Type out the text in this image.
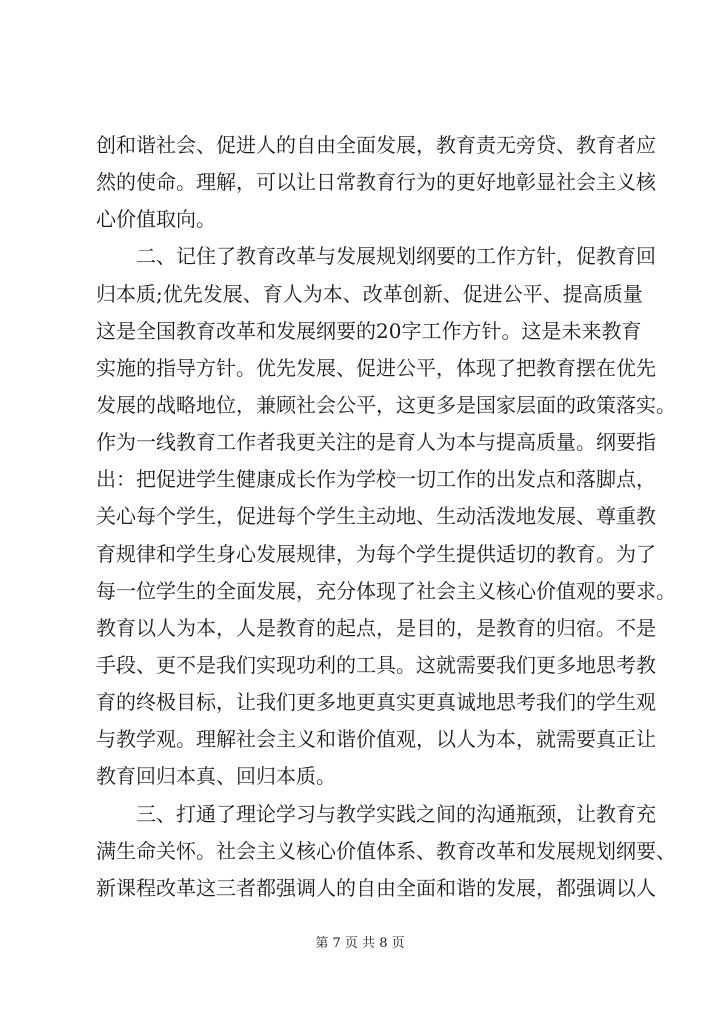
创和谐社会、促进人的自由全面发展，教育责无旁贷、教育者应
然的使命。理解，可以让日常教育行为的更好地彰显社会主义核
心价值取向。
二、记住了教育改革与发展规划纲要的工作方针，促教育回
归本质;优先发展、育人为本、改革创新、促进公平、提高质量
这是全国教育改革和发展纲要的20字工作方针。这是未来教育
实施的指导方针。优先发展、促进公平，体现了把教育摆在优先
发展的战略地位，兼顾社会公平，这更多是国家层面的政策落实。
作为一线教育工作者我更关注的是育人为本与提高质量。纲要指
出：把促进学生健康成长作为学校一切工作的出发点和落脚点，
关心每个学生，促进每个学生主动地、生动活泼地发展、尊重教
育规律和学生身心发展规律，为每个学生提供适切的教育。为了
每一位学生的全面发展，充分体现了社会主义核心价值观的要求。
教育以人为本，人是教育的起点，是目的，是教育的归宿。不是
手段、更不是我们实现功利的工具。这就需要我们更多地思考教
育的终极目标，让我们更多地更真实更真诚地思考我们的学生观
与教学观。理解社会主义和谐价值观，以人为本，就需要真正让
教育回归本真、回归本质。
三、打通了理论学习与教学实践之间的沟通瓶颈，让教育充
满生命关怀。社会主义核心价值体系、教育改革和发展规划纲要、
新课程改革这三者都强调人的自由全面和谐的发展，都强调以人
第 7 页 共 8 页
